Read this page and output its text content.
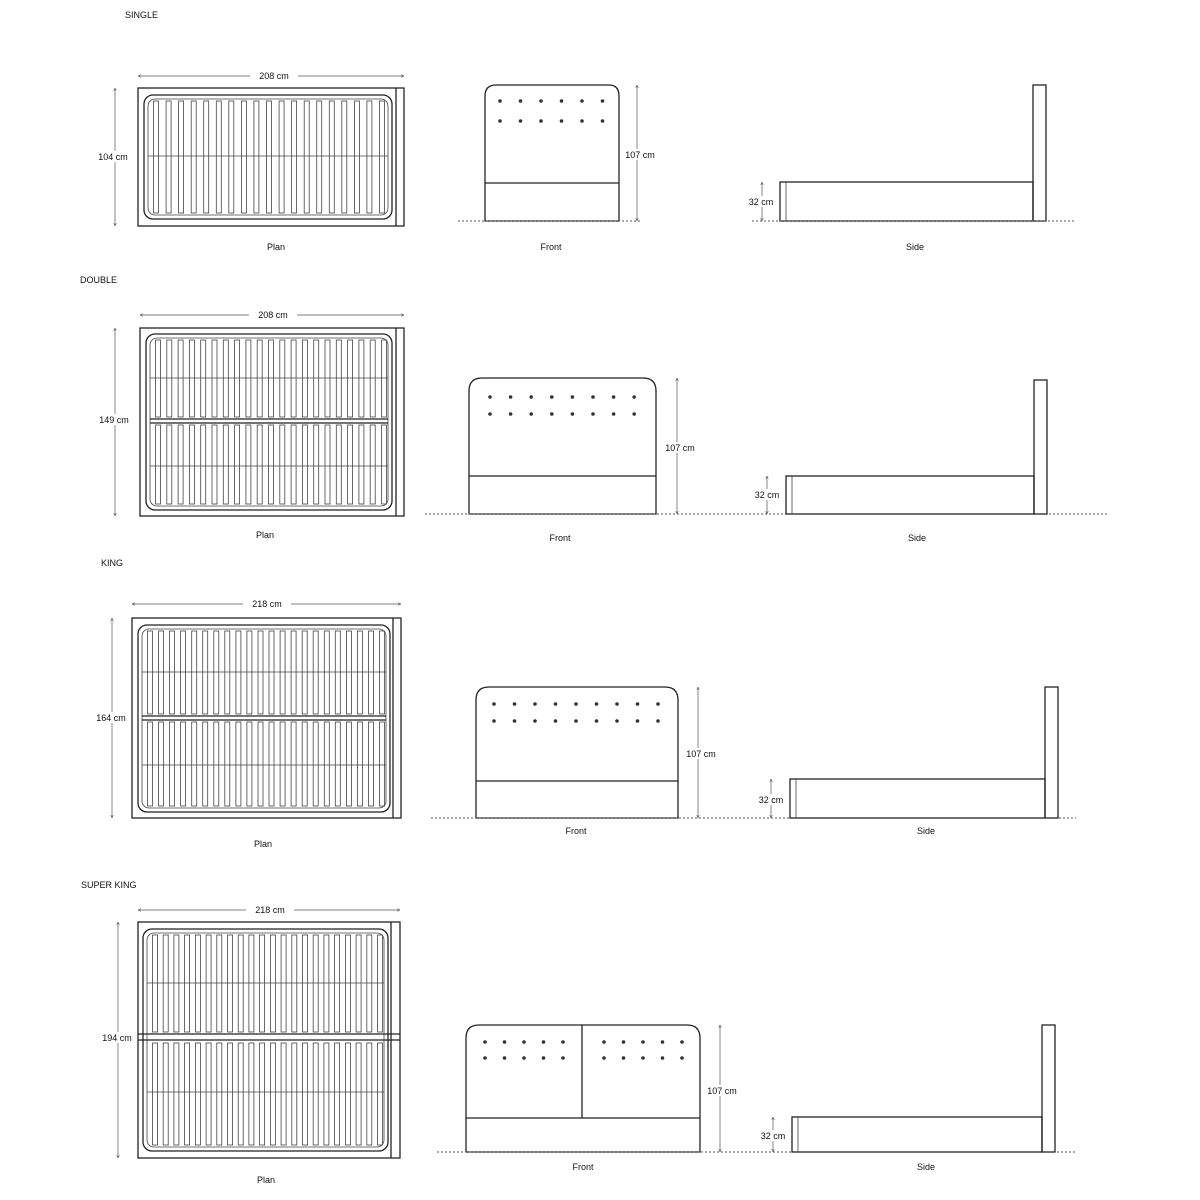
SINGLE
208 cm
104 cm
Plan
107 cm
Front
32 cm
Side
DOUBLE
208 cm
149 cm
Plan
107 cm
Front
32 cm
Side
KING
218 cm
164 cm
Plan
107 cm
Front
32 cm
Side
SUPER KING
218 cm
194 cm
Plan
107 cm
Front
32 cm
Side
